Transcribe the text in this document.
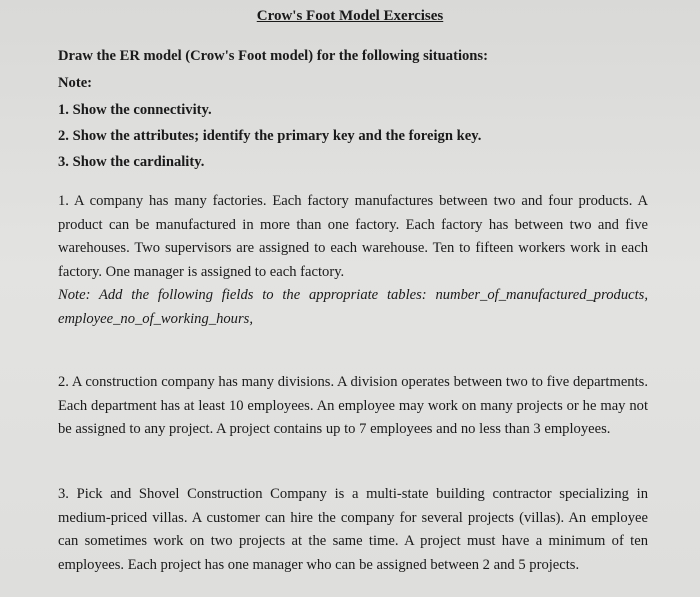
Crow's Foot Model Exercises
Draw the ER model (Crow's Foot model) for the following situations:
Note:
1. Show the connectivity.
2. Show the attributes; identify the primary key and the foreign key.
3. Show the cardinality.

1. A company has many factories. Each factory manufactures between two and four products. A product can be manufactured in more than one factory. Each factory has between two and five warehouses. Two supervisors are assigned to each warehouse. Ten to fifteen workers work in each factory. One manager is assigned to each factory.

Note: Add the following fields to the appropriate tables: number_of_manufactured_products, employee_no_of_working_hours,

2. A construction company has many divisions. A division operates between two to five departments. Each department has at least 10 employees. An employee may work on many projects or he may not be assigned to any project. A project contains up to 7 employees and no less than 3 employees.

3. Pick and Shovel Construction Company is a multi-state building contractor specializing in medium-priced villas. A customer can hire the company for several projects (villas). An employee can sometimes work on two projects at the same time. A project must have a minimum of ten employees. Each project has one manager who can be assigned between 2 and 5 projects.
